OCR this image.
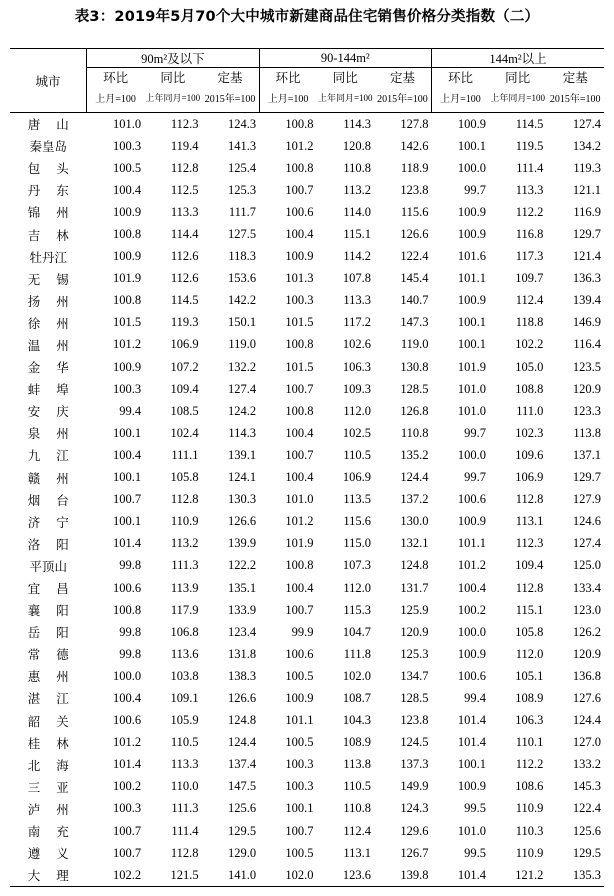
表3：2019年5月70个大中城市新建商品住宅销售价格分类指数（二）
城市	90m²及以下			90-144m²			144m²以上		
	环比	同比	定基	环比	同比	定基	环比	同比	定基
	上月=100	上年同月=100	2015年=100	上月=100	上年同月=100	2015年=100	上月=100	上年同月=100	2015年=100
唐山	101.0	112.3	124.3	100.8	114.3	127.8	100.9	114.5	127.4
秦皇岛	100.3	119.4	141.3	101.2	120.8	142.6	100.1	119.5	134.2
包头	100.5	112.8	125.4	100.8	110.8	118.9	100.0	111.4	119.3
丹东	100.4	112.5	125.3	100.7	113.2	123.8	99.7	113.3	121.1
锦州	100.9	113.3	111.7	100.6	114.0	115.6	100.9	112.2	116.9
吉林	100.8	114.4	127.5	100.4	115.1	126.6	100.9	116.8	129.7
牡丹江	100.9	112.6	118.3	100.9	114.2	122.4	101.6	117.3	121.4
无锡	101.9	112.6	153.6	101.3	107.8	145.4	101.1	109.7	136.3
扬州	100.8	114.5	142.2	100.3	113.3	140.7	100.9	112.4	139.4
徐州	101.5	119.3	150.1	101.5	117.2	147.3	100.1	118.8	146.9
温州	101.2	106.9	119.0	100.8	102.6	119.0	100.1	102.2	116.4
金华	100.9	107.2	132.2	101.5	106.3	130.8	101.9	105.0	123.5
蚌埠	100.3	109.4	127.4	100.7	109.3	128.5	101.0	108.8	120.9
安庆	99.4	108.5	124.2	100.8	112.0	126.8	101.0	111.0	123.3
泉州	100.1	102.4	114.3	100.4	102.5	110.8	99.7	102.3	113.8
九江	100.4	111.1	139.1	100.7	110.5	135.2	100.0	109.6	137.1
赣州	100.1	105.8	124.1	100.4	106.9	124.4	99.7	106.9	129.7
烟台	100.7	112.8	130.3	101.0	113.5	137.2	100.6	112.8	127.9
济宁	100.1	110.9	126.6	101.2	115.6	130.0	100.9	113.1	124.6
洛阳	101.4	113.2	139.9	101.9	115.0	132.1	101.1	112.3	127.4
平顶山	99.8	111.3	122.2	100.8	107.3	124.8	101.2	109.4	125.0
宜昌	100.6	113.9	135.1	100.4	112.0	131.7	100.4	112.8	133.4
襄阳	100.8	117.9	133.9	100.7	115.3	125.9	100.2	115.1	123.0
岳阳	99.8	106.8	123.4	99.9	104.7	120.9	100.0	105.8	126.2
常德	99.8	113.6	131.8	100.6	111.8	125.3	100.9	112.0	120.9
惠州	100.0	103.8	138.3	100.5	102.0	134.7	100.6	105.1	136.8
湛江	100.4	109.1	126.6	100.9	108.7	128.5	99.4	108.9	127.6
韶关	100.6	105.9	124.8	101.1	104.3	123.8	101.4	106.3	124.4
桂林	101.2	110.5	124.4	100.5	108.9	124.5	101.4	110.1	127.0
北海	101.4	113.3	137.4	100.3	113.8	137.3	100.1	112.2	133.2
三亚	100.2	110.0	147.5	100.3	110.5	149.9	100.9	108.6	145.3
泸州	100.3	111.3	125.6	100.1	110.8	124.3	99.5	110.9	122.4
南充	100.7	111.4	129.5	100.7	112.4	129.6	101.0	110.3	125.6
遵义	100.7	112.8	129.0	100.5	113.1	126.7	99.5	110.9	129.5
大理	102.2	121.5	141.0	102.0	123.6	139.8	101.4	121.2	135.3
